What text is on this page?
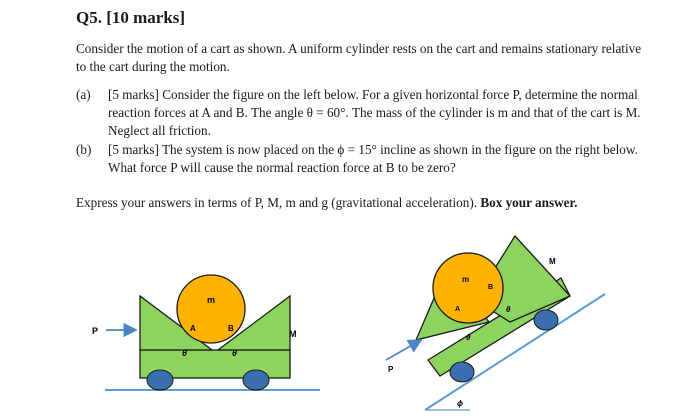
Q5. [10 marks]
Consider the motion of a cart as shown. A uniform cylinder rests on the cart and remains stationary relative to the cart during the motion.
(a) [5 marks] Consider the figure on the left below. For a given horizontal force P, determine the normal reaction forces at A and B. The angle θ = 60°. The mass of the cylinder is m and that of the cart is M. Neglect all friction.
(b) [5 marks] The system is now placed on the ϕ = 15° incline as shown in the figure on the right below. What force P will cause the normal reaction force at B to be zero?
Express your answers in terms of P, M, m and g (gravitational acceleration). Box your answer.
P
m
M
A	B
θ	θ
P
m
M
A
B
θ
θ
ϕ
